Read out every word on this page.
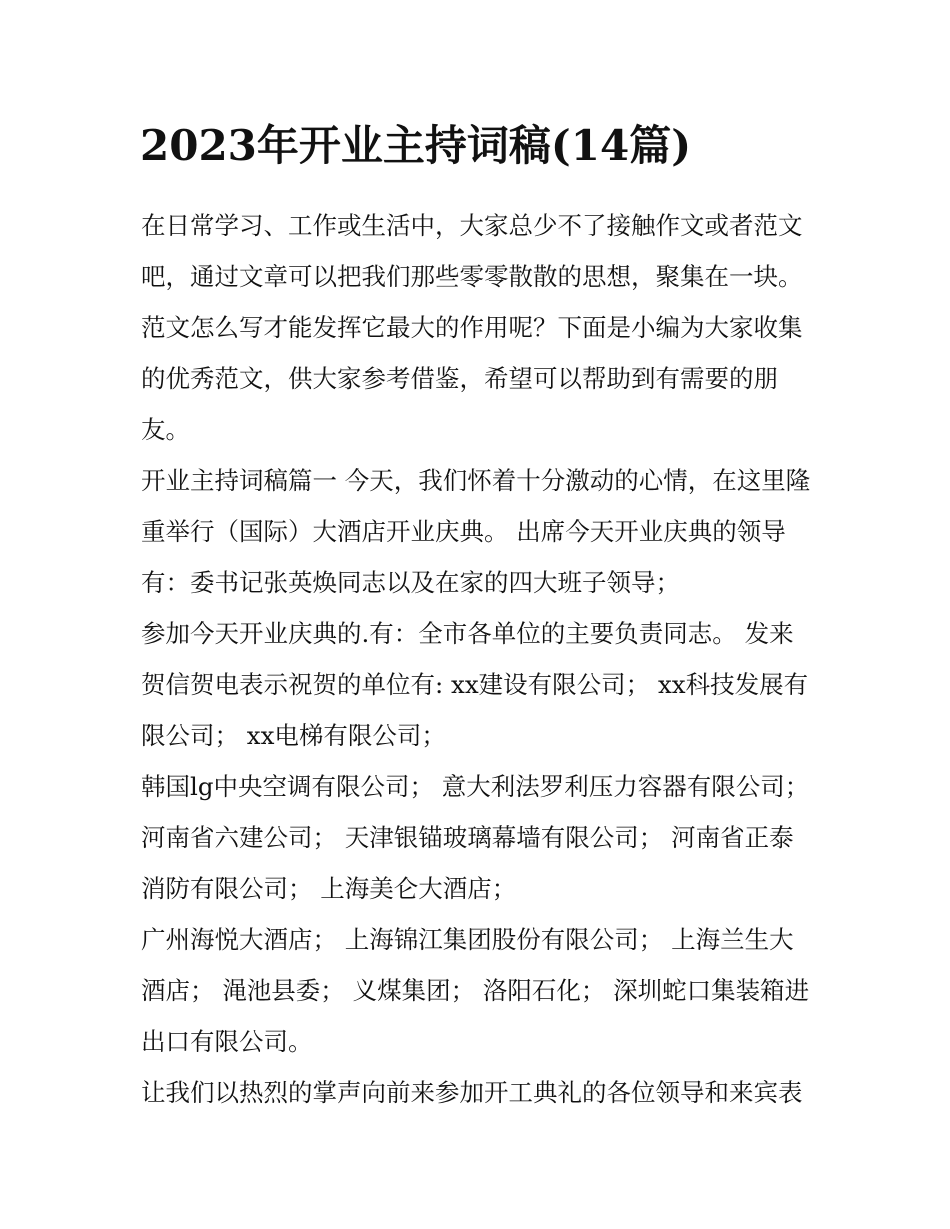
2023年开业主持词稿(14篇)

在日常学习、工作或生活中，大家总少不了接触作文或者范文吧，通过文章可以把我们那些零零散散的思想，聚集在一块。范文怎么写才能发挥它最大的作用呢？下面是小编为大家收集的优秀范文，供大家参考借鉴，希望可以帮助到有需要的朋友。

开业主持词稿篇一 今天，我们怀着十分激动的心情，在这里隆重举行（国际）大酒店开业庆典。 出席今天开业庆典的领导有：委书记张英焕同志以及在家的四大班子领导；

参加今天开业庆典的.有：全市各单位的主要负责同志。 发来贺信贺电表示祝贺的单位有: xx建设有限公司； xx科技发展有限公司； xx电梯有限公司；

韩国lg中央空调有限公司； 意大利法罗利压力容器有限公司； 河南省六建公司； 天津银锚玻璃幕墙有限公司； 河南省正泰消防有限公司； 上海美仑大酒店；

广州海悦大酒店； 上海锦江集团股份有限公司； 上海兰生大酒店； 渑池县委； 义煤集团； 洛阳石化； 深圳蛇口集装箱进出口有限公司。

让我们以热烈的掌声向前来参加开工典礼的各位领导和来宾表
